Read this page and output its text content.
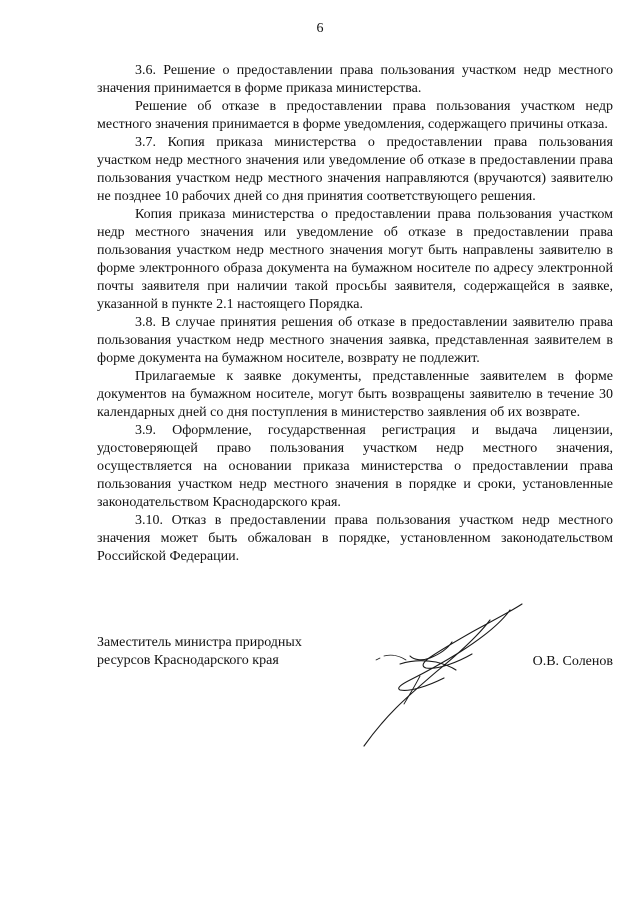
6

3.6. Решение о предоставлении права пользования участком недр местного значения принимается в форме приказа министерства.

Решение об отказе в предоставлении права пользования участком недр местного значения принимается в форме уведомления, содержащего причины отказа.

3.7. Копия приказа министерства о предоставлении права пользования участком недр местного значения или уведомление об отказе в предоставлении права пользования участком недр местного значения направляются (вручаются) заявителю не позднее 10 рабочих дней со дня принятия соответствующего решения.

Копия приказа министерства о предоставлении права пользования участком недр местного значения или уведомление об отказе в предоставлении права пользования участком недр местного значения могут быть направлены заявителю в форме электронного образа документа на бумажном носителе по адресу электронной почты заявителя при наличии такой просьбы заявителя, содержащейся в заявке, указанной в пункте 2.1 настоящего Порядка.

3.8. В случае принятия решения об отказе в предоставлении заявителю права пользования участком недр местного значения заявка, представленная заявителем в форме документа на бумажном носителе, возврату не подлежит.

Прилагаемые к заявке документы, представленные заявителем в форме документов на бумажном носителе, могут быть возвращены заявителю в течение 30 календарных дней со дня поступления в министерство заявления об их возврате.

3.9. Оформление, государственная регистрация и выдача лицензии, удостоверяющей право пользования участком недр местного значения, осуществляется на основании приказа министерства о предоставлении права пользования участком недр местного значения в порядке и сроки, установленные законодательством Краснодарского края.

3.10. Отказ в предоставлении права пользования участком недр местного значения может быть обжалован в порядке, установленном законодательством Российской Федерации.

Заместитель министра природных
ресурсов Краснодарского края	О.В. Соленов
